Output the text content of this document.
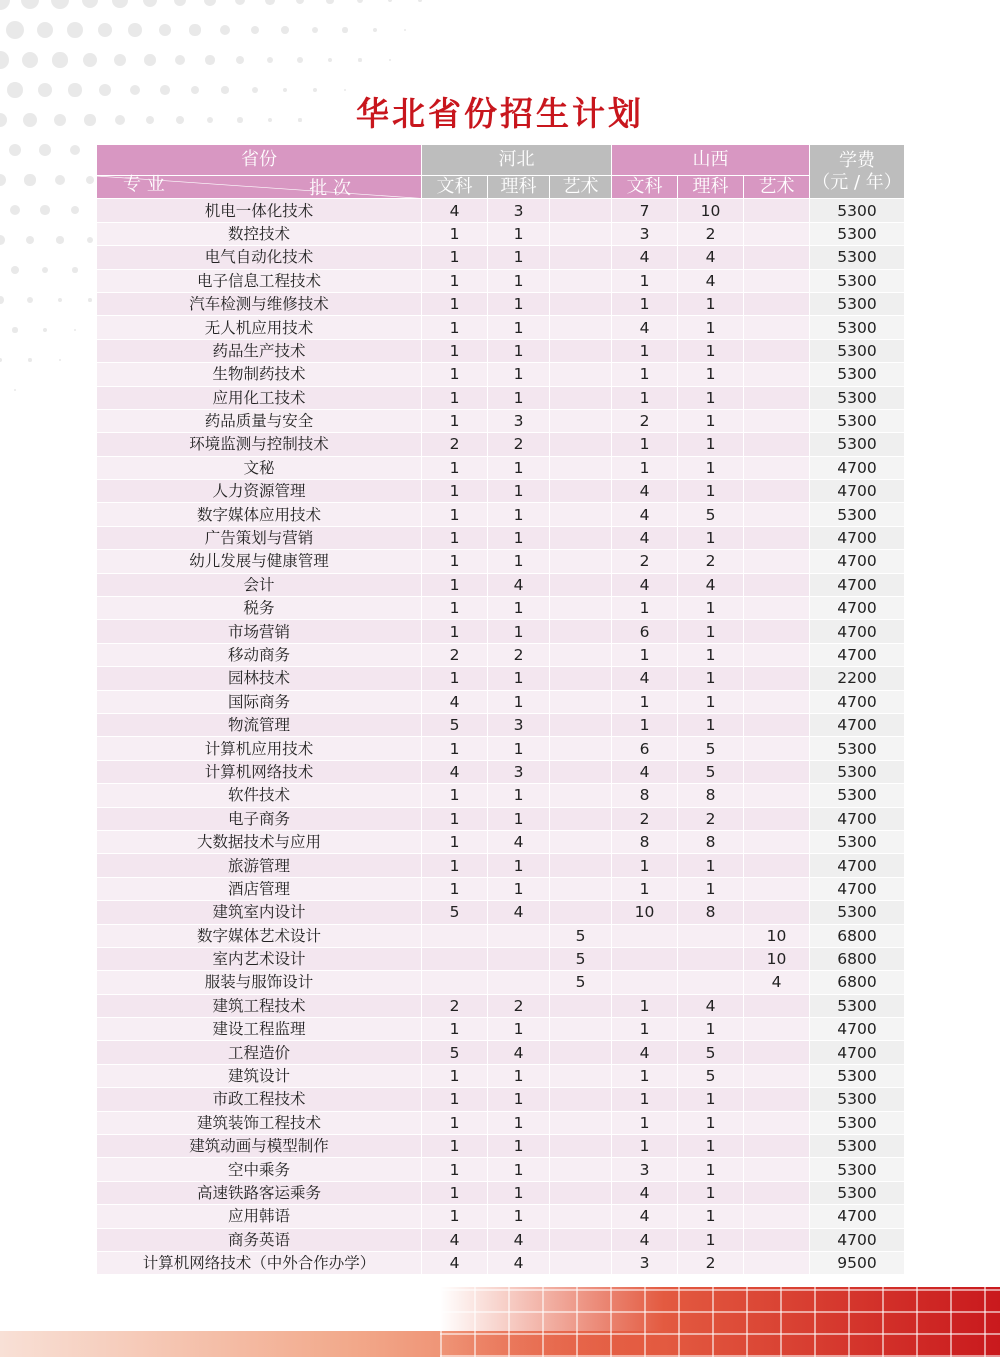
华北省份招生计划
省份	河北			山西			学费
（元 / 年）

批 次
专 业	文科	理科	艺术	文科	理科	艺术	
机电一体化技术	4	3		7	10		5300
数控技术	1	1		3	2		5300
电气自动化技术	1	1		4	4		5300
电子信息工程技术	1	1		1	4		5300
汽车检测与维修技术	1	1		1	1		5300
无人机应用技术	1	1		4	1		5300
药品生产技术	1	1		1	1		5300
生物制药技术	1	1		1	1		5300
应用化工技术	1	1		1	1		5300
药品质量与安全	1	3		2	1		5300
环境监测与控制技术	2	2		1	1		5300
文秘	1	1		1	1		4700
人力资源管理	1	1		4	1		4700
数字媒体应用技术	1	1		4	5		5300
广告策划与营销	1	1		4	1		4700
幼儿发展与健康管理	1	1		2	2		4700
会计	1	4		4	4		4700
税务	1	1		1	1		4700
市场营销	1	1		6	1		4700
移动商务	2	2		1	1		4700
园林技术	1	1		4	1		2200
国际商务	4	1		1	1		4700
物流管理	5	3		1	1		4700
计算机应用技术	1	1		6	5		5300
计算机网络技术	4	3		4	5		5300
软件技术	1	1		8	8		5300
电子商务	1	1		2	2		4700
大数据技术与应用	1	4		8	8		5300
旅游管理	1	1		1	1		4700
酒店管理	1	1		1	1		4700
建筑室内设计	5	4		10	8		5300
数字媒体艺术设计			5			10	6800
室内艺术设计			5			10	6800
服装与服饰设计			5			4	6800
建筑工程技术	2	2		1	4		5300
建设工程监理	1	1		1	1		4700
工程造价	5	4		4	5		4700
建筑设计	1	1		1	5		5300
市政工程技术	1	1		1	1		5300
建筑装饰工程技术	1	1		1	1		5300
建筑动画与模型制作	1	1		1	1		5300
空中乘务	1	1		3	1		5300
高速铁路客运乘务	1	1		4	1		5300
应用韩语	1	1		4	1		4700
商务英语	4	4		4	1		4700
计算机网络技术（中外合作办学）	4	4		3	2		9500
